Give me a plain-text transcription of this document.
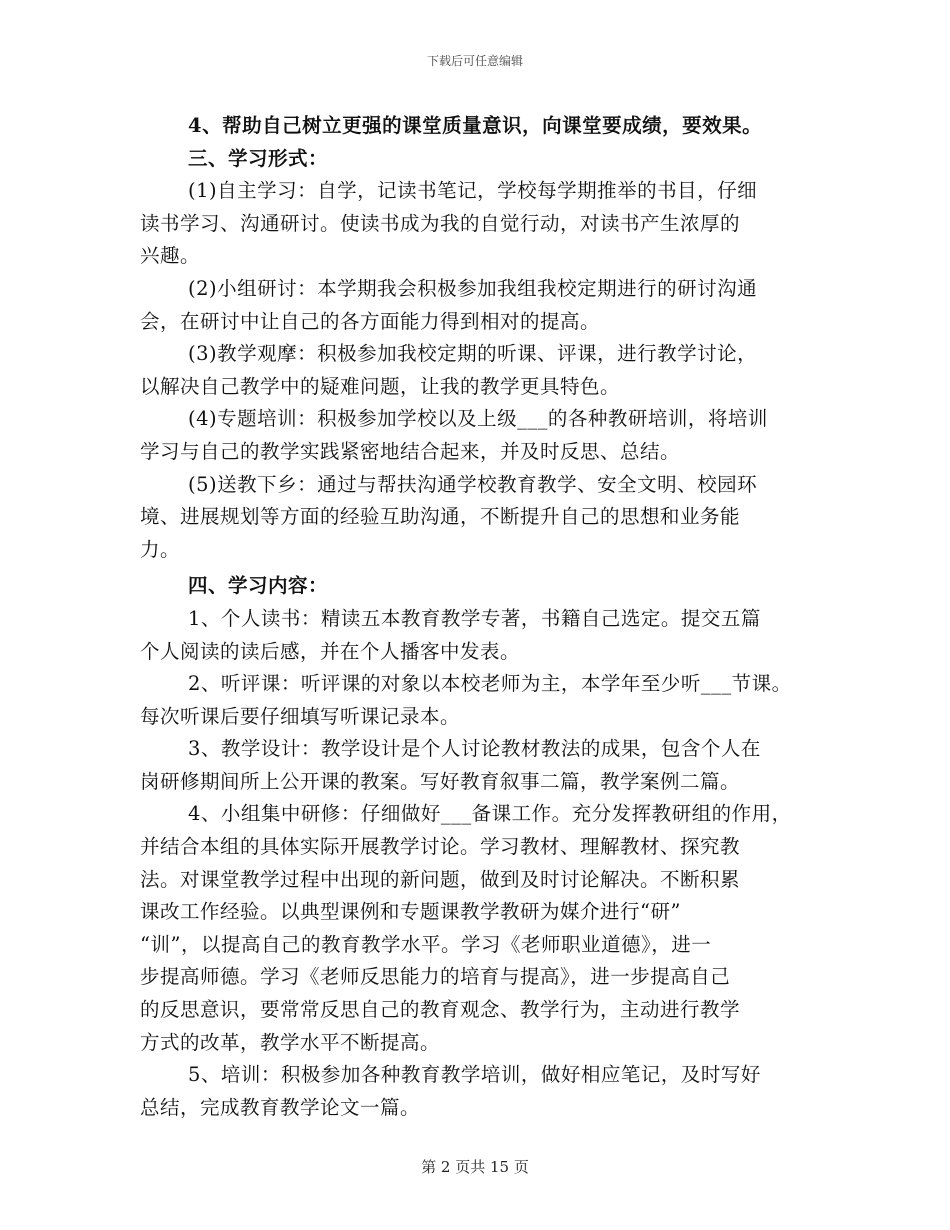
下载后可任意编辑
4、帮助自己树立更强的课堂质量意识，向课堂要成绩，要效果。
三、学习形式：
(1)自主学习：自学，记读书笔记，学校每学期推举的书目，仔细
读书学习、沟通研讨。使读书成为我的自觉行动，对读书产生浓厚的
兴趣。
(2)小组研讨：本学期我会积极参加我组我校定期进行的研讨沟通
会，在研讨中让自己的各方面能力得到相对的提高。
(3)教学观摩：积极参加我校定期的听课、评课，进行教学讨论，
以解决自己教学中的疑难问题，让我的教学更具特色。
(4)专题培训：积极参加学校以及上级___的各种教研培训，将培训
学习与自己的教学实践紧密地结合起来，并及时反思、总结。
(5)送教下乡：通过与帮扶沟通学校教育教学、安全文明、校园环
境、进展规划等方面的经验互助沟通，不断提升自己的思想和业务能
力。
四、学习内容：
1、个人读书：精读五本教育教学专著，书籍自己选定。提交五篇
个人阅读的读后感，并在个人播客中发表。
2、听评课：听评课的对象以本校老师为主，本学年至少听___节课。
每次听课后要仔细填写听课记录本。
3、教学设计：教学设计是个人讨论教材教法的成果，包含个人在
岗研修期间所上公开课的教案。写好教育叙事二篇，教学案例二篇。
4、小组集中研修：仔细做好___备课工作。充分发挥教研组的作用，
并结合本组的具体实际开展教学讨论。学习教材、理解教材、探究教
法。对课堂教学过程中出现的新问题，做到及时讨论解决。不断积累
课改工作经验。以典型课例和专题课教学教研为媒介进行“研”
“训”，以提高自己的教育教学水平。学习《老师职业道德》，进一
步提高师德。学习《老师反思能力的培育与提高》，进一步提高自己
的反思意识，要常常反思自己的教育观念、教学行为，主动进行教学
方式的改革，教学水平不断提高。
5、培训：积极参加各种教育教学培训，做好相应笔记，及时写好
总结，完成教育教学论文一篇。
第 2 页共 15 页
